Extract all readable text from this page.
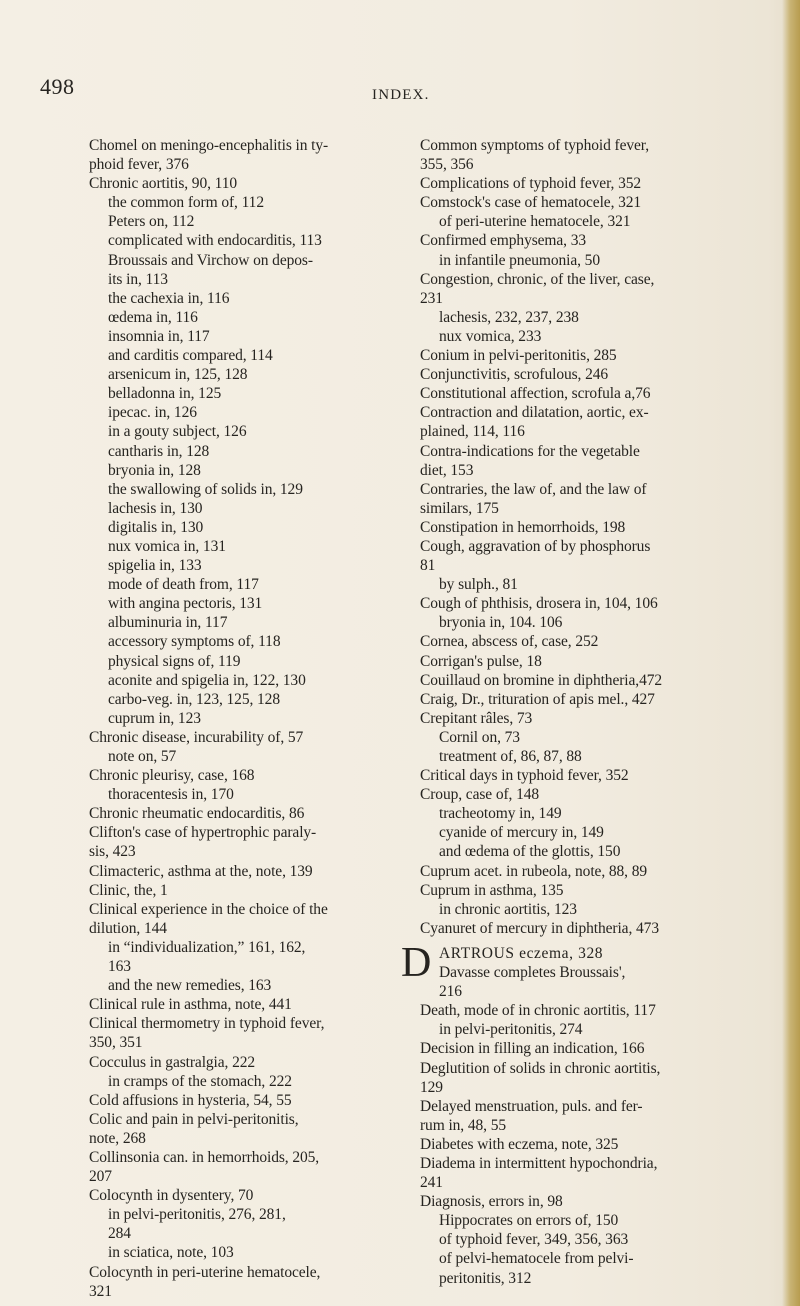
498	INDEX.
Chomel on meningo-encephalitis in ty-
phoid fever, 376
Chronic aortitis, 90, 110
the common form of, 112
Peters on, 112
complicated with endocarditis, 113
Broussais and Virchow on depos-
its in, 113
the cachexia in, 116
œdema in, 116
insomnia in, 117
and carditis compared, 114
arsenicum in, 125, 128
belladonna in, 125
ipecac. in, 126
in a gouty subject, 126
cantharis in, 128
bryonia in, 128
the swallowing of solids in, 129
lachesis in, 130
digitalis in, 130
nux vomica in, 131
spigelia in, 133
mode of death from, 117
with angina pectoris, 131
albuminuria in, 117
accessory symptoms of, 118
physical signs of, 119
aconite and spigelia in, 122, 130
carbo-veg. in, 123, 125, 128
cuprum in, 123
Chronic disease, incurability of, 57
note on, 57
Chronic pleurisy, case, 168
thoracentesis in, 170
Chronic rheumatic endocarditis, 86
Clifton's case of hypertrophic paraly-
sis, 423
Climacteric, asthma at the, note, 139
Clinic, the, 1
Clinical experience in the choice of the
dilution, 144
in “individualization,” 161, 162,
163
and the new remedies, 163
Clinical rule in asthma, note, 441
Clinical thermometry in typhoid fever,
350, 351
Cocculus in gastralgia, 222
in cramps of the stomach, 222
Cold affusions in hysteria, 54, 55
Colic and pain in pelvi-peritonitis,
note, 268
Collinsonia can. in hemorrhoids, 205,
207
Colocynth in dysentery, 70
in pelvi-peritonitis, 276, 281,
284
in sciatica, note, 103
Colocynth in peri-uterine hematocele,
321
Common symptoms of typhoid fever,
355, 356
Complications of typhoid fever, 352
Comstock's case of hematocele, 321
of peri-uterine hematocele, 321
Confirmed emphysema, 33
in infantile pneumonia, 50
Congestion, chronic, of the liver, case,
231
lachesis, 232, 237, 238
nux vomica, 233
Conium in pelvi-peritonitis, 285
Conjunctivitis, scrofulous, 246
Constitutional affection, scrofula a,76
Contraction and dilatation, aortic, ex-
plained, 114, 116
Contra-indications for the vegetable
diet, 153
Contraries, the law of, and the law of
similars, 175
Constipation in hemorrhoids, 198
Cough, aggravation of by phosphorus
81
by sulph., 81
Cough of phthisis, drosera in, 104, 106
bryonia in, 104. 106
Cornea, abscess of, case, 252
Corrigan's pulse, 18
Couillaud on bromine in diphtheria,472
Craig, Dr., trituration of apis mel., 427
Crepitant râles, 73
Cornil on, 73
treatment of, 86, 87, 88
Critical days in typhoid fever, 352
Croup, case of, 148
tracheotomy in, 149
cyanide of mercury in, 149
and œdema of the glottis, 150
Cuprum acet. in rubeola, note, 88, 89
Cuprum in asthma, 135
in chronic aortitis, 123
Cyanuret of mercury in diphtheria, 473
D ARTROUS eczema, 328
Davasse completes Broussais',
216
Death, mode of in chronic aortitis, 117
in pelvi-peritonitis, 274
Decision in filling an indication, 166
Deglutition of solids in chronic aortitis,
129
Delayed menstruation, puls. and fer-
rum in, 48, 55
Diabetes with eczema, note, 325
Diadema in intermittent hypochondria,
241
Diagnosis, errors in, 98
Hippocrates on errors of, 150
of typhoid fever, 349, 356, 363
of pelvi-hematocele from pelvi-
peritonitis, 312
